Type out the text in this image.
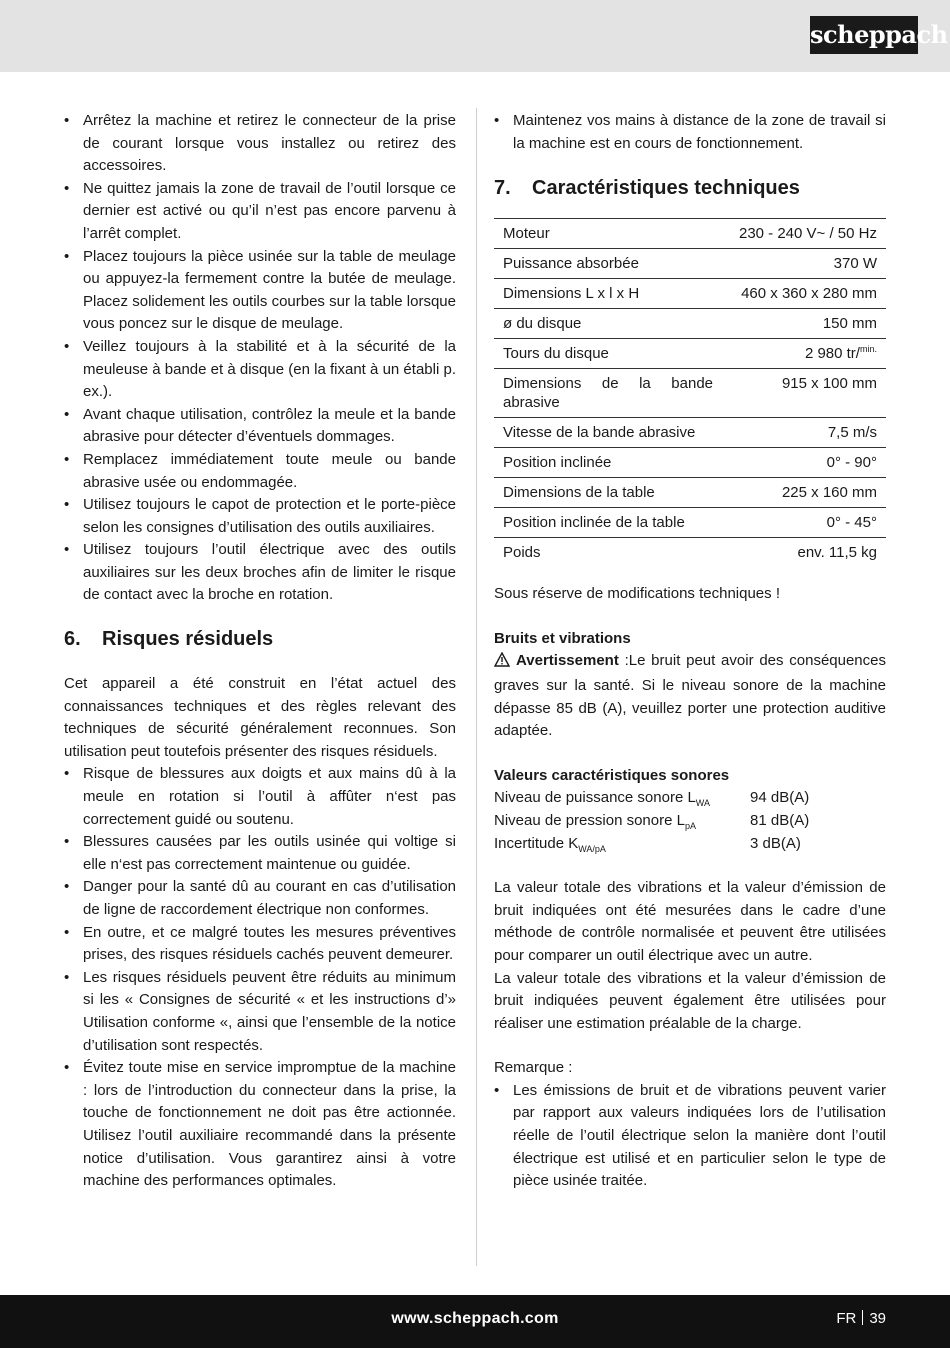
scheppach
• Arrêtez la machine et retirez le connecteur de la prise de courant lorsque vous installez ou retirez des accessoires.
• Ne quittez jamais la zone de travail de l’outil lorsque ce dernier est activé ou qu’il n’est pas encore parvenu à l’arrêt complet.
• Placez toujours la pièce usinée sur la table de meulage ou appuyez-la fermement contre la butée de meulage. Placez solidement les outils courbes sur la table lorsque vous poncez sur le disque de meulage.
• Veillez toujours à la stabilité et à la sécurité de la meuleuse à bande et à disque (en la fixant à un établi p. ex.).
• Avant chaque utilisation, contrôlez la meule et la bande abrasive pour détecter d’éventuels dommages.
• Remplacez immédiatement toute meule ou bande abrasive usée ou endommagée.
• Utilisez toujours le capot de protection et le porte-pièce selon les consignes d’utilisation des outils auxiliaires.
• Utilisez toujours l’outil électrique avec des outils auxiliaires sur les deux broches afin de limiter le risque de contact avec la broche en rotation.
6. Risques résiduels

Cet appareil a été construit en l’état actuel des connaissances techniques et des règles relevant des techniques de sécurité généralement reconnues. Son utilisation peut toutefois présenter des risques résiduels.

• Risque de blessures aux doigts et aux mains dû à la meule en rotation si l’outil à affûter n‘est pas correctement guidé ou soutenu.
• Blessures causées par les outils usinée qui voltige si elle n‘est pas correctement maintenue ou guidée.
• Danger pour la santé dû au courant en cas d’utilisation de ligne de raccordement électrique non conformes.
• En outre, et ce malgré toutes les mesures préventives prises, des risques résiduels cachés peuvent demeurer.
• Les risques résiduels peuvent être réduits au minimum si les « Consignes de sécurité « et les instructions d’» Utilisation conforme «, ainsi que l’ensemble de la notice d’utilisation sont respectés.
• Évitez toute mise en service impromptue de la machine : lors de l’introduction du connecteur dans la prise, la touche de fonctionnement ne doit pas être actionnée. Utilisez l’outil auxiliaire recommandé dans la présente notice d’utilisation. Vous garantirez ainsi à votre machine des performances optimales.
• Maintenez vos mains à distance de la zone de travail si la machine est en cours de fonctionnement.
7. Caractéristiques techniques
Moteur	230 - 240 V~ / 50 Hz
Puissance absorbée	370 W
Dimensions L x l x H	460 x 360 x 280 mm
ø du disque	150 mm
Tours du disque	2 980 tr/$^{min.}$
Dimensions de la bande abrasive	915 x 100 mm
Vitesse de la bande abrasive	7,5 m/s
Position inclinée	0° - 90°
Dimensions de la table	225 x 160 mm
Position inclinée de la table	0° - 45°
Poids	env. 11,5 kg

Sous réserve de modifications techniques !

Bruits et vibrations

Avertissement :Le bruit peut avoir des conséquences graves sur la santé. Si le niveau sonore de la machine dépasse 85 dB (A), veuillez porter une protection auditive adaptée.

Valeurs caractéristiques sonores
Niveau de puissance sonore $L_{WA}$	94 dB(A)
Niveau de pression sonore $L_{pA}$	81 dB(A)
Incertitude $K_{WA/pA}$	3 dB(A)

La valeur totale des vibrations et la valeur d’émission de bruit indiquées ont été mesurées dans le cadre d’une méthode de contrôle normalisée et peuvent être utilisées pour comparer un outil électrique avec un autre.

La valeur totale des vibrations et la valeur d’émission de bruit indiquées peuvent également être utilisées pour réaliser une estimation préalable de la charge.

Remarque :

• Les émissions de bruit et de vibrations peuvent varier par rapport aux valeurs indiquées lors de l’utilisation réelle de l’outil électrique selon la manière dont l’outil électrique est utilisé et en particulier selon le type de pièce usinée traitée.
www.scheppach.com	FR 39
